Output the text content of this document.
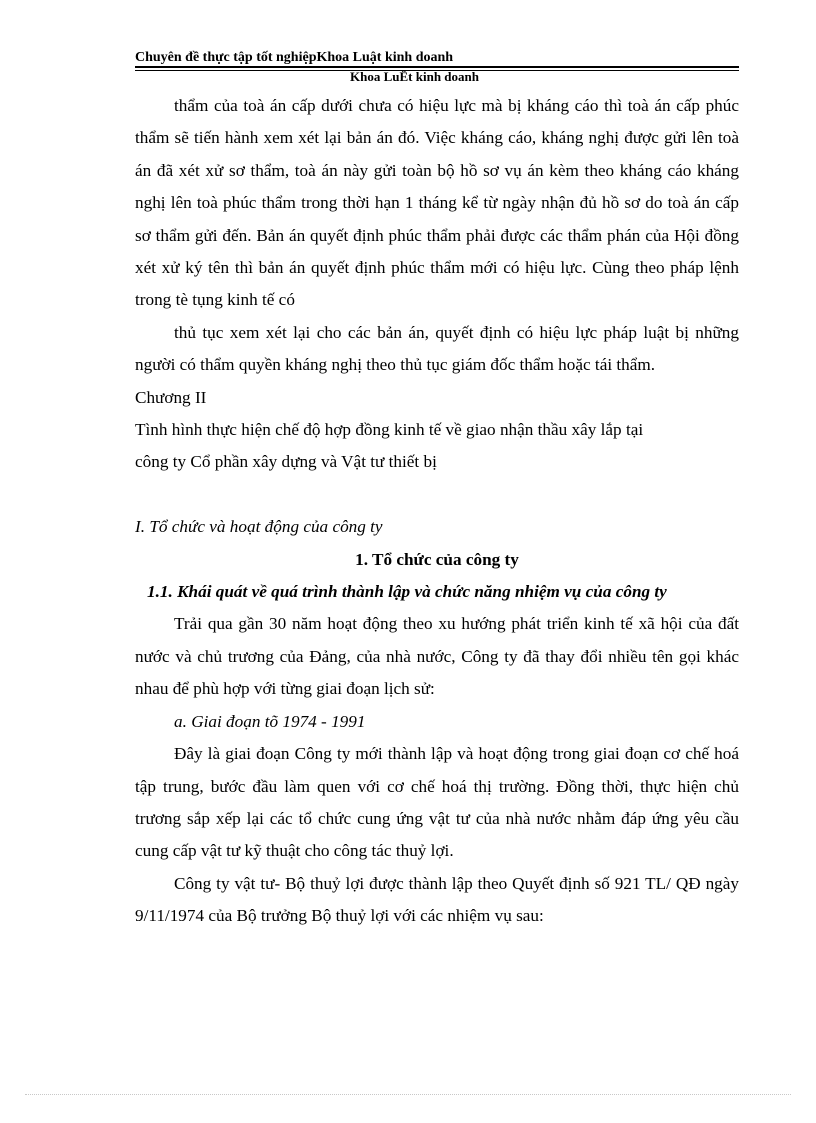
Chuyên đề thực tập tốt nghiệpKhoa Luật kinh doanh
Khoa LuËt kinh doanh

thẩm của toà án cấp dưới chưa có hiệu lực mà bị kháng cáo thì toà án cấp phúc thẩm sẽ tiến hành xem xét lại bản án đó. Việc kháng cáo, kháng nghị được gửi lên toà án đã xét xử sơ thẩm, toà án này gửi toàn bộ hồ sơ vụ án kèm theo kháng cáo kháng nghị lên toà phúc thẩm trong thời hạn 1 tháng kể từ ngày nhận đủ hồ sơ do toà án cấp sơ thẩm gửi đến. Bản án quyết định phúc thẩm phải được các thẩm phán của Hội đồng xét xử ký tên thì bản án quyết định phúc thẩm mới có hiệu lực. Cùng theo pháp lệnh trong tè tụng kinh tế có

thủ tục xem xét lại cho các bản án, quyết định có hiệu lực pháp luật bị những người có thẩm quyền kháng nghị theo thủ tục giám đốc thẩm hoặc tái thẩm.

Chương II

Tình hình thực hiện chế độ hợp đồng kinh tế về giao nhận thầu xây lắp tại

công ty Cổ phần xây dựng và Vật tư thiết bị

I. Tổ chức và hoạt động của công ty

1. Tổ chức của công ty

1.1. Khái quát về quá trình thành lập và chức năng nhiệm vụ của công ty

Trải qua gần 30 năm hoạt động theo xu hướng phát triển kinh tế xã hội của đất nước và chủ trương của Đảng, của nhà nước, Công ty đã thay đổi nhiều tên gọi khác nhau để phù hợp với từng giai đoạn lịch sử:

a. Giai đoạn tõ 1974 - 1991

Đây là giai đoạn Công ty mới thành lập và hoạt động trong giai đoạn cơ chế hoá tập trung, bước đầu làm quen với cơ chế hoá thị trường. Đồng thời, thực hiện chủ trương sắp xếp lại các tổ chức cung ứng vật tư của nhà nước nhằm đáp ứng yêu cầu cung cấp vật tư kỹ thuật cho công tác thuỷ lợi.

Công ty vật tư- Bộ thuỷ lợi được thành lập theo Quyết định số 921 TL/ QĐ ngày 9/11/1974 của Bộ trưởng Bộ thuỷ lợi với các nhiệm vụ sau:
